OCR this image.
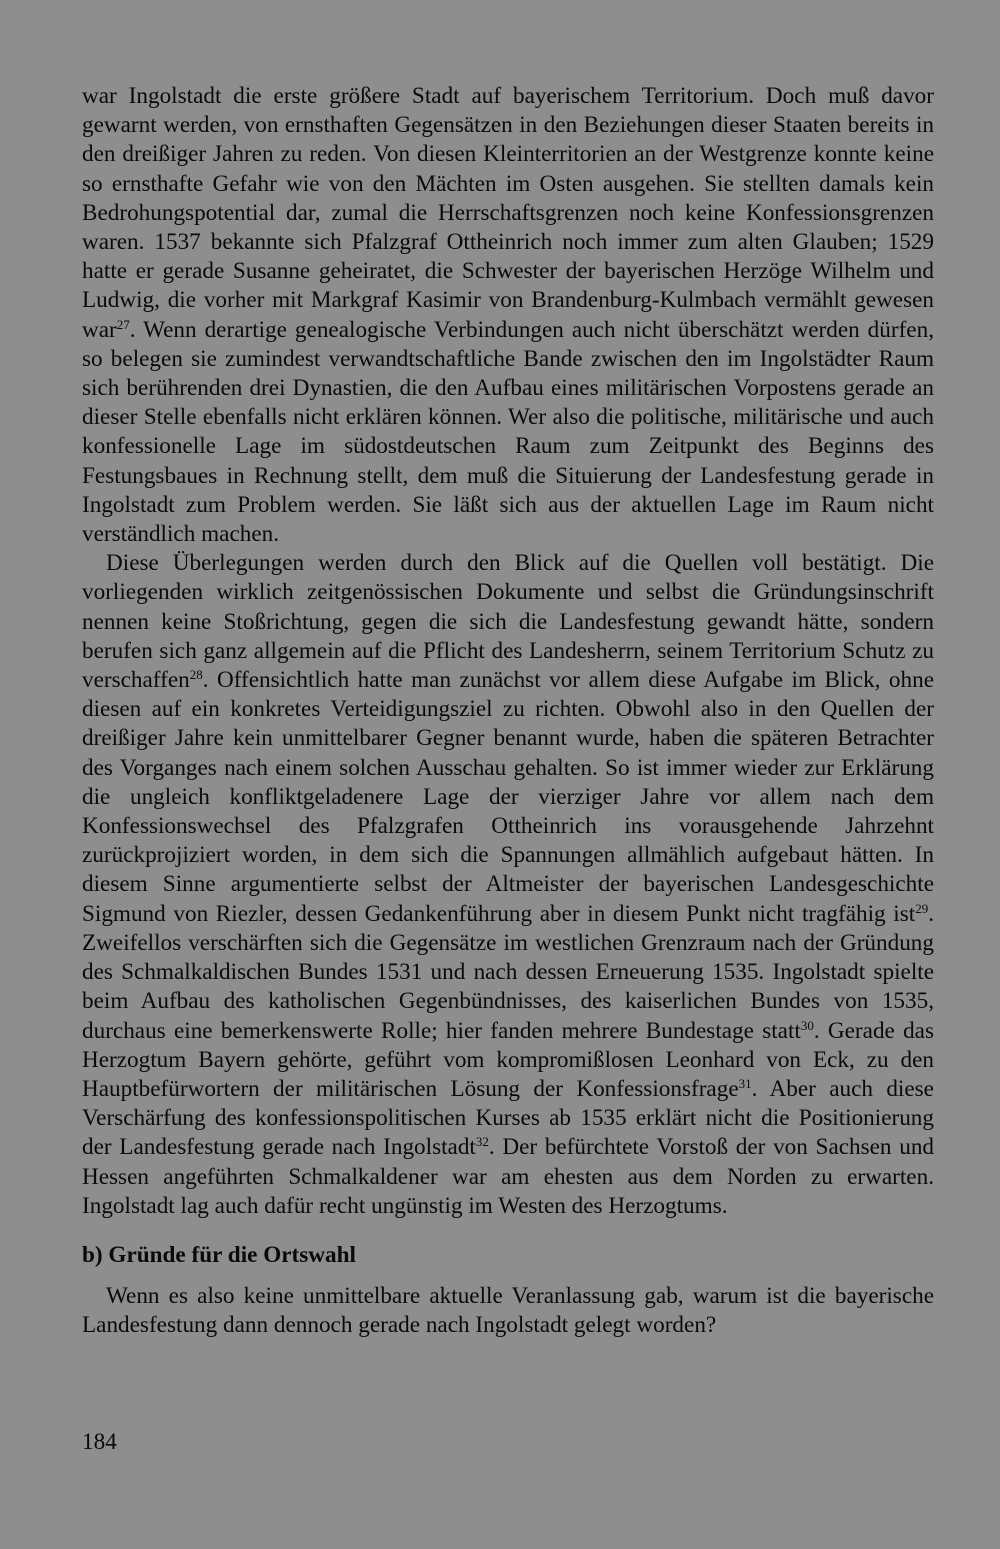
war Ingolstadt die erste größere Stadt auf bayerischem Territorium. Doch muß davor gewarnt werden, von ernsthaften Gegensätzen in den Beziehungen dieser Staaten bereits in den dreißiger Jahren zu reden. Von diesen Kleinterritorien an der Westgrenze konnte keine so ernsthafte Gefahr wie von den Mächten im Osten ausgehen. Sie stellten damals kein Bedrohungspotential dar, zumal die Herrschaftsgrenzen noch keine Konfessionsgrenzen waren. 1537 bekannte sich Pfalzgraf Ottheinrich noch immer zum alten Glauben; 1529 hatte er gerade Susanne geheiratet, die Schwester der bayerischen Herzöge Wilhelm und Ludwig, die vorher mit Markgraf Kasimir von Brandenburg-Kulmbach vermählt gewesen war$^{27}$. Wenn derartige genealogische Verbindungen auch nicht überschätzt werden dürfen, so belegen sie zumindest verwandtschaftliche Bande zwischen den im Ingolstädter Raum sich berührenden drei Dynastien, die den Aufbau eines militärischen Vorpostens gerade an dieser Stelle ebenfalls nicht erklären können. Wer also die politische, militärische und auch konfessionelle Lage im südostdeutschen Raum zum Zeitpunkt des Beginns des Festungsbaues in Rechnung stellt, dem muß die Situierung der Landesfestung gerade in Ingolstadt zum Problem werden. Sie läßt sich aus der aktuellen Lage im Raum nicht verständlich machen.

Diese Überlegungen werden durch den Blick auf die Quellen voll bestätigt. Die vorliegenden wirklich zeitgenössischen Dokumente und selbst die Gründungsinschrift nennen keine Stoßrichtung, gegen die sich die Landesfestung gewandt hätte, sondern berufen sich ganz allgemein auf die Pflicht des Landesherrn, seinem Territorium Schutz zu verschaffen$^{28}$. Offensichtlich hatte man zunächst vor allem diese Aufgabe im Blick, ohne diesen auf ein konkretes Verteidigungsziel zu richten. Obwohl also in den Quellen der dreißiger Jahre kein unmittelbarer Gegner benannt wurde, haben die späteren Betrachter des Vorganges nach einem solchen Ausschau gehalten. So ist immer wieder zur Erklärung die ungleich konfliktgeladenere Lage der vierziger Jahre vor allem nach dem Konfessionswechsel des Pfalzgrafen Ottheinrich ins vorausgehende Jahrzehnt zurückprojiziert worden, in dem sich die Spannungen allmählich aufgebaut hätten. In diesem Sinne argumentierte selbst der Altmeister der bayerischen Landesgeschichte Sigmund von Riezler, dessen Gedankenführung aber in diesem Punkt nicht tragfähig ist$^{29}$. Zweifellos verschärften sich die Gegensätze im westlichen Grenzraum nach der Gründung des Schmalkaldischen Bundes 1531 und nach dessen Erneuerung 1535. Ingolstadt spielte beim Aufbau des katholischen Gegenbündnisses, des kaiserlichen Bundes von 1535, durchaus eine bemerkenswerte Rolle; hier fanden mehrere Bundestage statt$^{30}$. Gerade das Herzogtum Bayern gehörte, geführt vom kompromißlosen Leonhard von Eck, zu den Hauptbefürwortern der militärischen Lösung der Konfessionsfrage$^{31}$. Aber auch diese Verschärfung des konfessionspolitischen Kurses ab 1535 erklärt nicht die Positionierung der Landesfestung gerade nach Ingolstadt$^{32}$. Der befürchtete Vorstoß der von Sachsen und Hessen angeführten Schmalkaldener war am ehesten aus dem Norden zu erwarten. Ingolstadt lag auch dafür recht ungünstig im Westen des Herzogtums.

b) Gründe für die Ortswahl

Wenn es also keine unmittelbare aktuelle Veranlassung gab, warum ist die bayerische Landesfestung dann dennoch gerade nach Ingolstadt gelegt worden?

184
